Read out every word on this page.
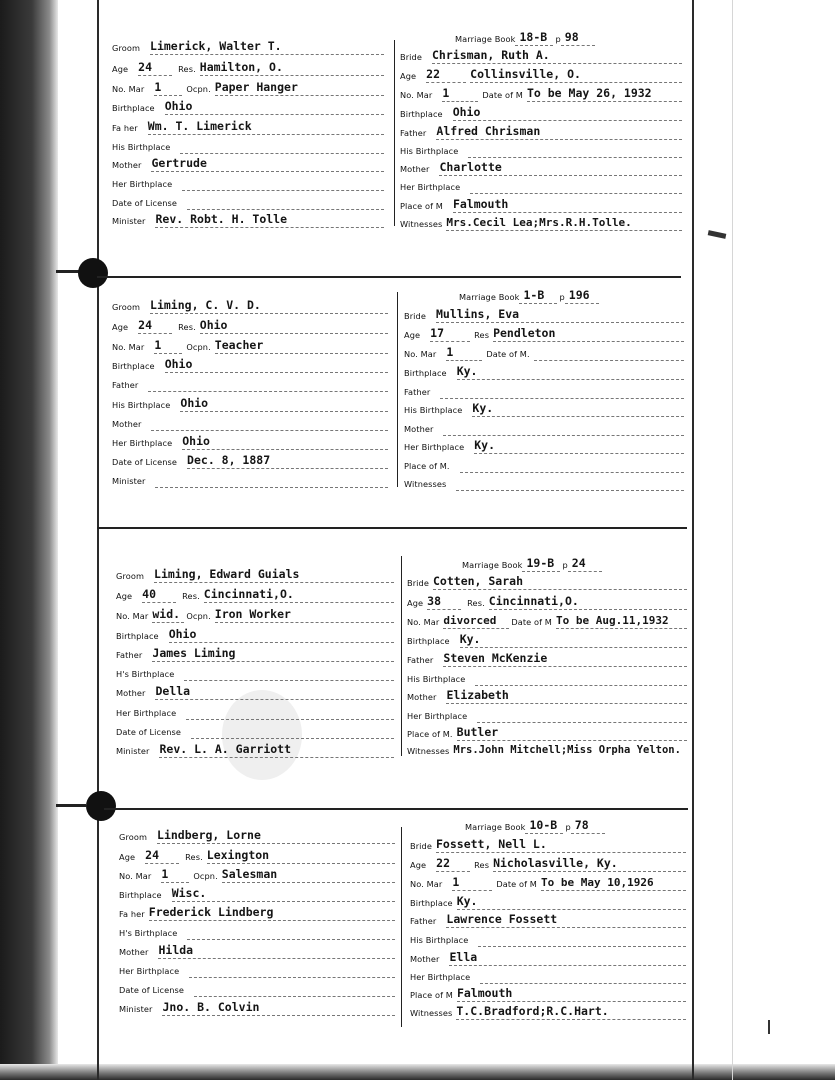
Groom Limerick, Walter T.
Age 24	Res. Hamilton, O.
No. Mar 1	Ocpn. Paper Hanger
Birthplace Ohio
Fa her Wm. T. Limerick
His Birthplace
Mother Gertrude
Her Birthplace
Date of License
Minister Rev. Robt. H. Tolle
Marriage Book 18-B	p 98
Bride Chrisman, Ruth A.
Age 22	Collinsville, O.
No. Mar 1	Date of M To be May 26, 1932
Birthplace Ohio
Father Alfred Chrisman
His Birthplace
Mother Charlotte
Her Birthplace
Place of M Falmouth
Witnesses Mrs.Cecil Lea;Mrs.R.H.Tolle.
Groom Liming, C. V. D.
Age 24	Res. Ohio
No. Mar 1	Ocpn. Teacher
Birthplace Ohio
Father
His Birthplace Ohio
Mother
Her Birthplace Ohio
Date of License Dec. 8, 1887
Minister
Marriage Book 1-B	p 196
Bride Mullins, Eva
Age 17	Res Pendleton
No. Mar 1	Date of M.
Birthplace Ky.
Father
His Birthplace Ky.
Mother
Her Birthplace Ky.
Place of M.
Witnesses
Groom Liming, Edward Guials
Age 40	Res. Cincinnati,O.
No. Mar wid. Ocpn. Iron Worker
Birthplace Ohio
Father James Liming
H's Birthplace
Mother Della
Her Birthplace
Date of License
Minister Rev. L. A. Garriott
Marriage Book 19-B	p 24
Bride Cotten, Sarah
Age 38	Res. Cincinnati,O.
No. Mar divorced	Date of M To be Aug.11,1932
Birthplace Ky.
Father Steven McKenzie
His Birthplace
Mother Elizabeth
Her Birthplace
Place of M. Butler
Witnesses Mrs.John Mitchell;Miss Orpha Yelton.
Groom Lindberg, Lorne
Age 24	Res. Lexington
No. Mar 1	Ocpn. Salesman
Birthplace Wisc.
Fa her Frederick Lindberg
H's Birthplace
Mother Hilda
Her Birthplace
Date of License
Minister Jno. B. Colvin
Marriage Book 10-B	p 78
Bride Fossett, Nell L.
Age 22	Res Nicholasville, Ky.
No. Mar 1	Date of M To be May 10,1926
Birthplace Ky.
Father Lawrence Fossett
His Birthplace
Mother Ella
Her Birthplace
Place of M Falmouth
Witnesses T.C.Bradford;R.C.Hart.
